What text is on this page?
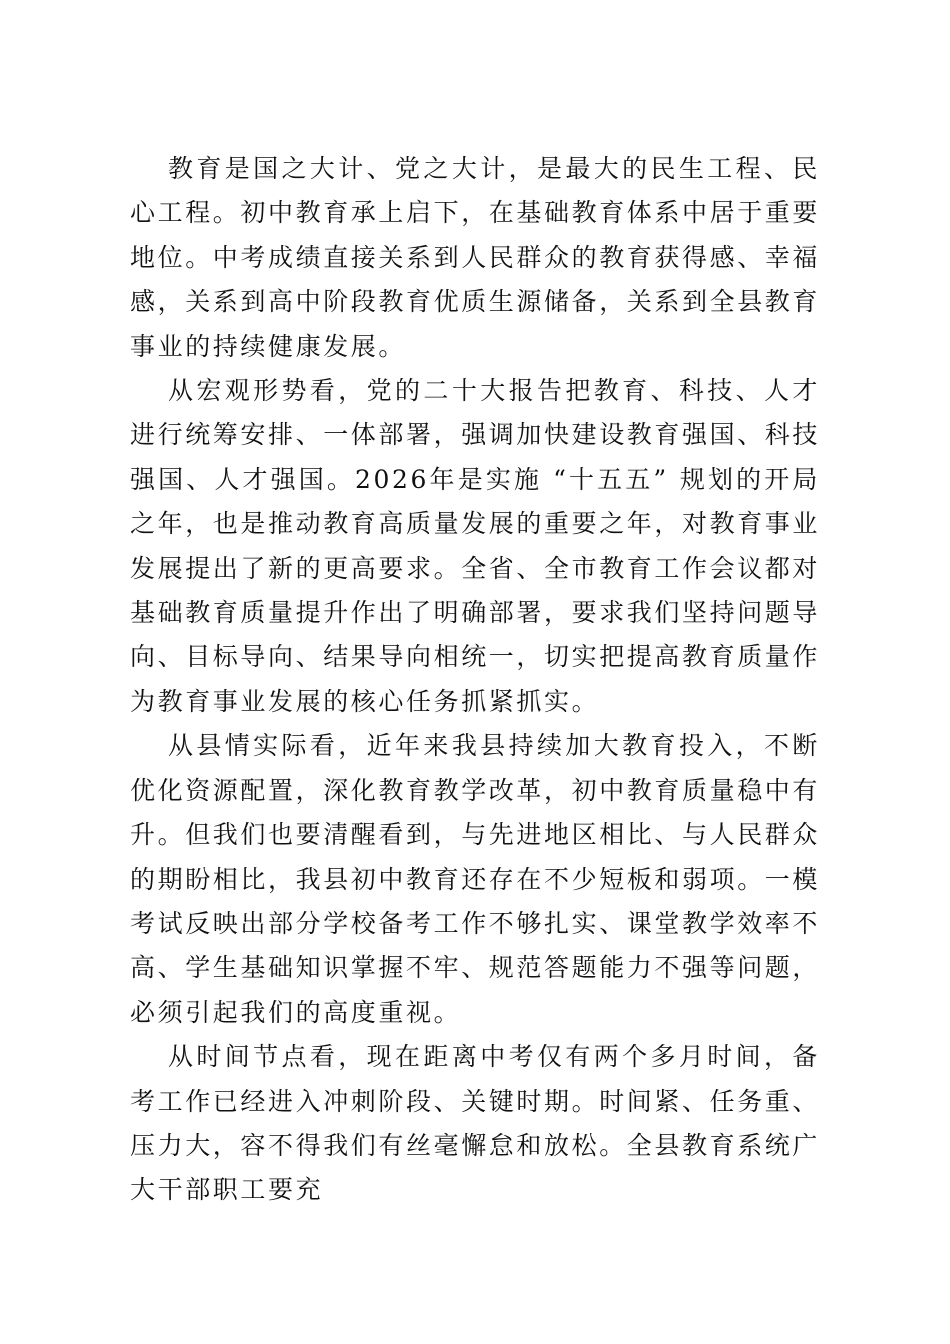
教育是国之大计、党之大计，是最大的民生工程、民心工程。初中教育承上启下，在基础教育体系中居于重要地位。中考成绩直接关系到人民群众的教育获得感、幸福感，关系到高中阶段教育优质生源储备，关系到全县教育事业的持续健康发展。

从宏观形势看，党的二十大报告把教育、科技、人才进行统筹安排、一体部署，强调加快建设教育强国、科技强国、人才强国。2026年是实施 “十五五” 规划的开局之年，也是推动教育高质量发展的重要之年，对教育事业发展提出了新的更高要求。全省、全市教育工作会议都对基础教育质量提升作出了明确部署，要求我们坚持问题导向、目标导向、结果导向相统一，切实把提高教育质量作为教育事业发展的核心任务抓紧抓实。

从县情实际看，近年来我县持续加大教育投入，不断优化资源配置，深化教育教学改革，初中教育质量稳中有升。但我们也要清醒看到，与先进地区相比、与人民群众的期盼相比，我县初中教育还存在不少短板和弱项。一模考试反映出部分学校备考工作不够扎实、课堂教学效率不高、学生基础知识掌握不牢、规范答题能力不强等问题，必须引起我们的高度重视。

从时间节点看，现在距离中考仅有两个多月时间，备考工作已经进入冲刺阶段、关键时期。时间紧、任务重、压力大，容不得我们有丝毫懈怠和放松。全县教育系统广大干部职工要充
